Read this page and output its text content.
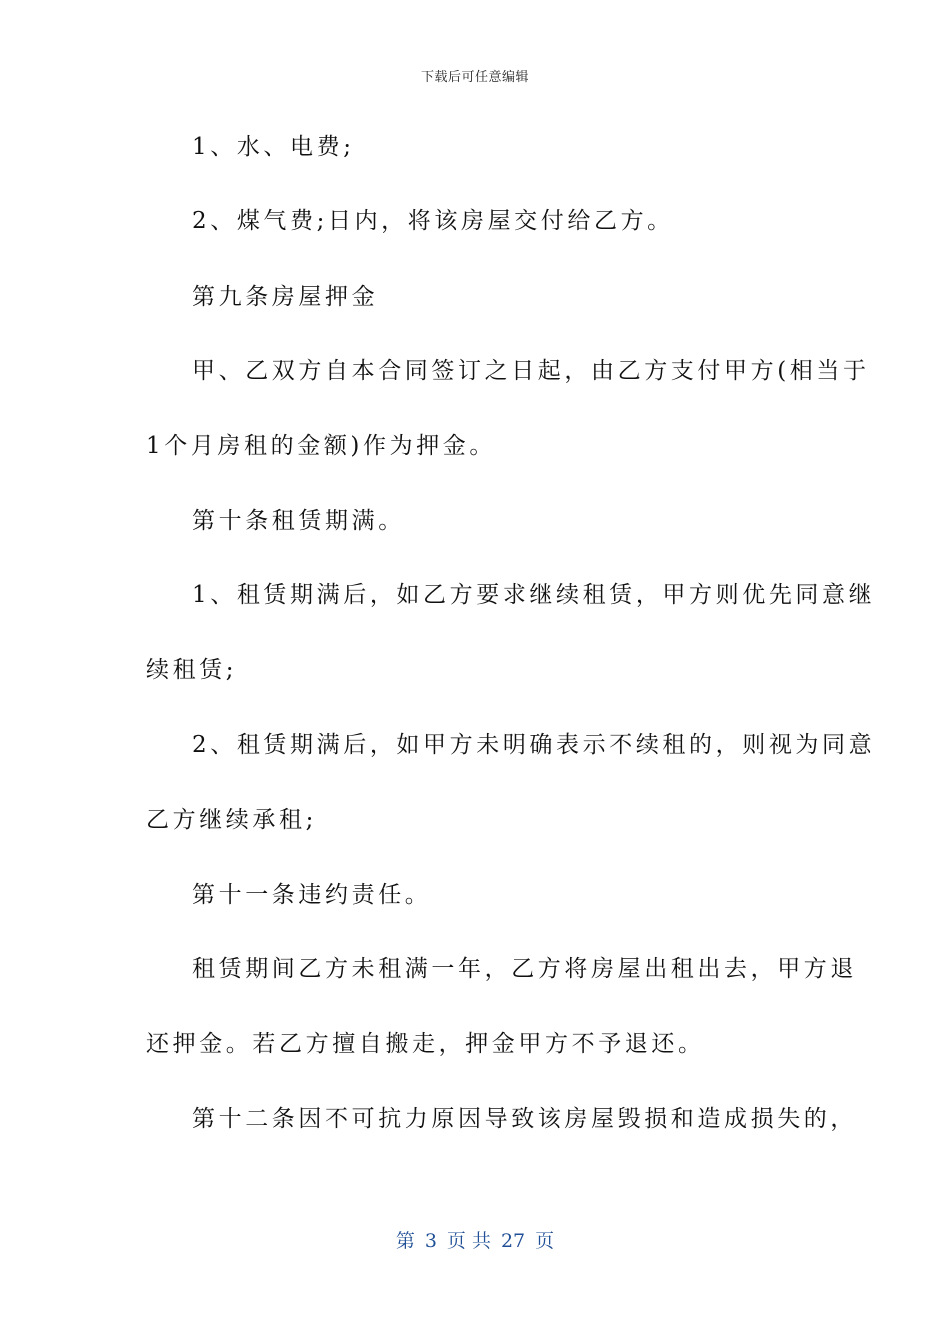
下载后可任意编辑
1、水、电费;
2、煤气费;日内，将该房屋交付给乙方。
第九条房屋押金
甲、乙双方自本合同签订之日起，由乙方支付甲方(相当于
1个月房租的金额)作为押金。
第十条租赁期满。
1、租赁期满后，如乙方要求继续租赁，甲方则优先同意继
续租赁;
2、租赁期满后，如甲方未明确表示不续租的，则视为同意
乙方继续承租;
第十一条违约责任。
租赁期间乙方未租满一年，乙方将房屋出租出去，甲方退
还押金。若乙方擅自搬走，押金甲方不予退还。
第十二条因不可抗力原因导致该房屋毁损和造成损失的，
第 3 页 共 27 页
